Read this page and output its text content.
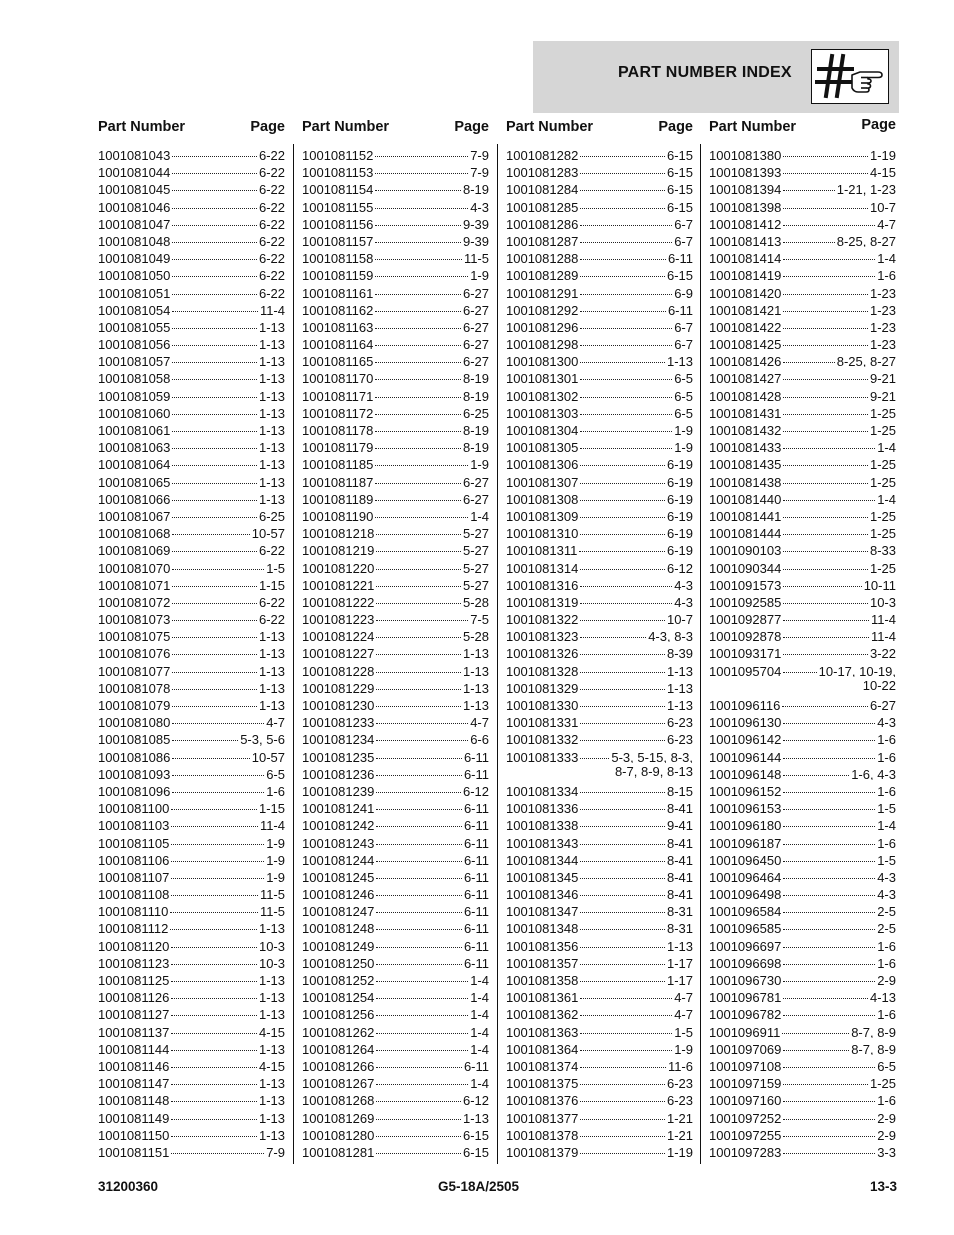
PART NUMBER INDEX
Part Number	Page
1001081043	6-22
1001081044	6-22
1001081045	6-22
1001081046	6-22
1001081047	6-22
1001081048	6-22
1001081049	6-22
1001081050	6-22
1001081051	6-22
1001081054	11-4
1001081055	1-13
1001081056	1-13
1001081057	1-13
1001081058	1-13
1001081059	1-13
1001081060	1-13
1001081061	1-13
1001081063	1-13
1001081064	1-13
1001081065	1-13
1001081066	1-13
1001081067	6-25
1001081068	10-57
1001081069	6-22
1001081070	1-5
1001081071	1-15
1001081072	6-22
1001081073	6-22
1001081075	1-13
1001081076	1-13
1001081077	1-13
1001081078	1-13
1001081079	1-13
1001081080	4-7
1001081085	5-3, 5-6
1001081086	10-57
1001081093	6-5
1001081096	1-6
1001081100	1-15
1001081103	11-4
1001081105	1-9
1001081106	1-9
1001081107	1-9
1001081108	11-5
1001081110	11-5
1001081112	1-13
1001081120	10-3
1001081123	10-3
1001081125	1-13
1001081126	1-13
1001081127	1-13
1001081137	4-15
1001081144	1-13
1001081146	4-15
1001081147	1-13
1001081148	1-13
1001081149	1-13
1001081150	1-13
1001081151	7-9
Part Number	Page
1001081152	7-9
1001081153	7-9
1001081154	8-19
1001081155	4-3
1001081156	9-39
1001081157	9-39
1001081158	11-5
1001081159	1-9
1001081161	6-27
1001081162	6-27
1001081163	6-27
1001081164	6-27
1001081165	6-27
1001081170	8-19
1001081171	8-19
1001081172	6-25
1001081178	8-19
1001081179	8-19
1001081185	1-9
1001081187	6-27
1001081189	6-27
1001081190	1-4
1001081218	5-27
1001081219	5-27
1001081220	5-27
1001081221	5-27
1001081222	5-28
1001081223	7-5
1001081224	5-28
1001081227	1-13
1001081228	1-13
1001081229	1-13
1001081230	1-13
1001081233	4-7
1001081234	6-6
1001081235	6-11
1001081236	6-11
1001081239	6-12
1001081241	6-11
1001081242	6-11
1001081243	6-11
1001081244	6-11
1001081245	6-11
1001081246	6-11
1001081247	6-11
1001081248	6-11
1001081249	6-11
1001081250	6-11
1001081252	1-4
1001081254	1-4
1001081256	1-4
1001081262	1-4
1001081264	1-4
1001081266	6-11
1001081267	1-4
1001081268	6-12
1001081269	1-13
1001081280	6-15
1001081281	6-15
Part Number	Page
1001081282	6-15
1001081283	6-15
1001081284	6-15
1001081285	6-15
1001081286	6-7
1001081287	6-7
1001081288	6-11
1001081289	6-15
1001081291	6-9
1001081292	6-11
1001081296	6-7
1001081298	6-7
1001081300	1-13
1001081301	6-5
1001081302	6-5
1001081303	6-5
1001081304	1-9
1001081305	1-9
1001081306	6-19
1001081307	6-19
1001081308	6-19
1001081309	6-19
1001081310	6-19
1001081311	6-19
1001081314	6-12
1001081316	4-3
1001081319	4-3
1001081322	10-7
1001081323	4-3, 8-3
1001081326	8-39
1001081328	1-13
1001081329	1-13
1001081330	1-13
1001081331	6-23
1001081332	6-23
1001081333	5-3, 5-15, 8-3,
8-7, 8-9, 8-13
1001081334	8-15
1001081336	8-41
1001081338	9-41
1001081343	8-41
1001081344	8-41
1001081345	8-41
1001081346	8-41
1001081347	8-31
1001081348	8-31
1001081356	1-13
1001081357	1-17
1001081358	1-17
1001081361	4-7
1001081362	4-7
1001081363	1-5
1001081364	1-9
1001081374	11-6
1001081375	6-23
1001081376	6-23
1001081377	1-21
1001081378	1-21
1001081379	1-19
Part Number	Page
1001081380	1-19
1001081393	4-15
1001081394	1-21, 1-23
1001081398	10-7
1001081412	4-7
1001081413	8-25, 8-27
1001081414	1-4
1001081419	1-6
1001081420	1-23
1001081421	1-23
1001081422	1-23
1001081425	1-23
1001081426	8-25, 8-27
1001081427	9-21
1001081428	9-21
1001081431	1-25
1001081432	1-25
1001081433	1-4
1001081435	1-25
1001081438	1-25
1001081440	1-4
1001081441	1-25
1001081444	1-25
1001090103	8-33
1001090344	1-25
1001091573	10-11
1001092585	10-3
1001092877	11-4
1001092878	11-4
1001093171	3-22
1001095704	10-17, 10-19,
10-22
1001096116	6-27
1001096130	4-3
1001096142	1-6
1001096144	1-6
1001096148	1-6, 4-3
1001096152	1-6
1001096153	1-5
1001096180	1-4
1001096187	1-6
1001096450	1-5
1001096464	4-3
1001096498	4-3
1001096584	2-5
1001096585	2-5
1001096697	1-6
1001096698	1-6
1001096730	2-9
1001096781	4-13
1001096782	1-6
1001096911	8-7, 8-9
1001097069	8-7, 8-9
1001097108	6-5
1001097159	1-25
1001097160	1-6
1001097252	2-9
1001097255	2-9
1001097283	3-3
31200360	G5-18A/2505	13-3
